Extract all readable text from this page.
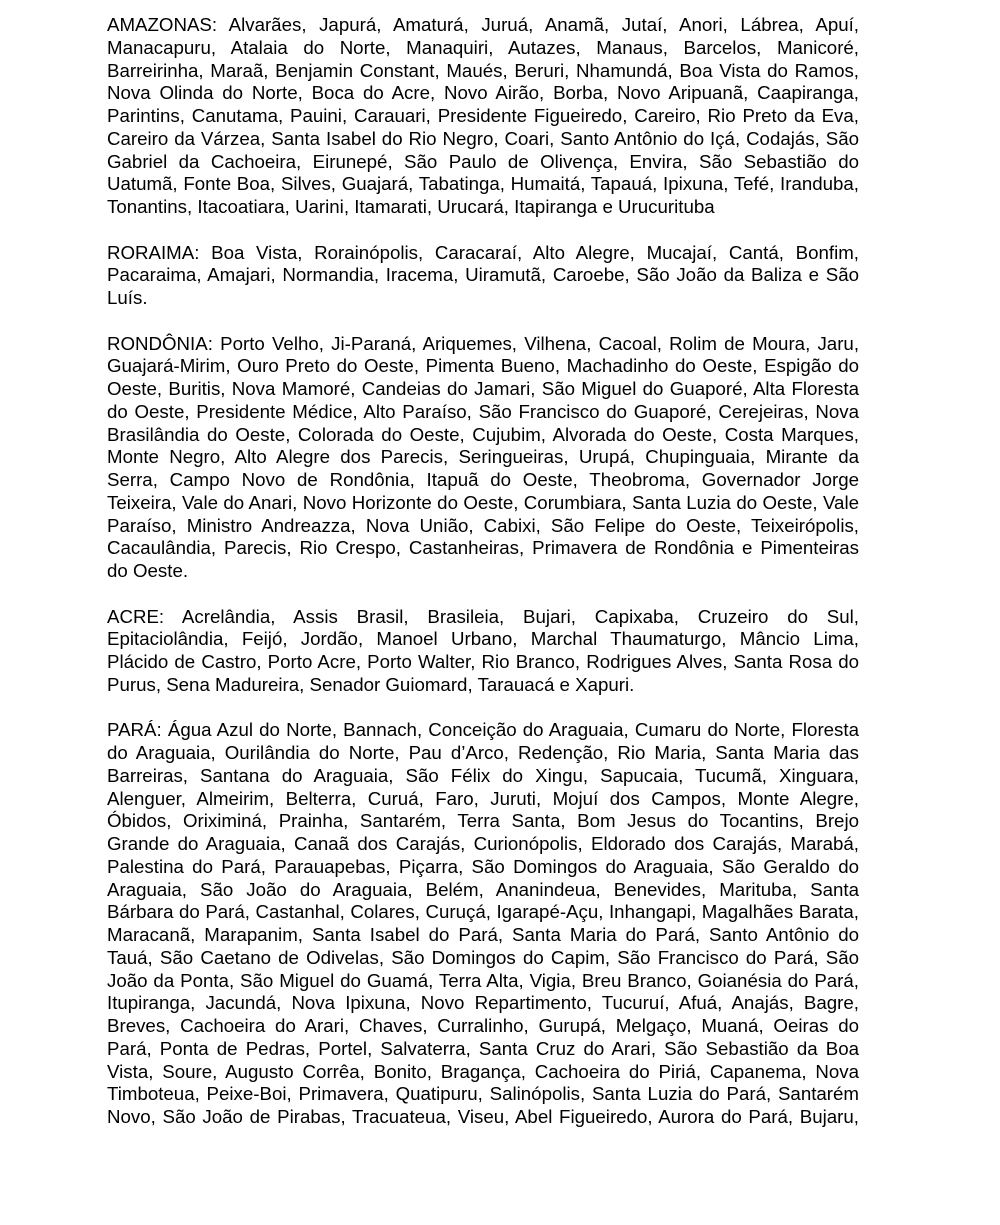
AMAZONAS: Alvarães, Japurá, Amaturá, Juruá, Anamã, Jutaí, Anori, Lábrea, Apuí, Manacapuru, Atalaia do Norte, Manaquiri, Autazes, Manaus, Barcelos, Manicoré, Barreirinha, Maraã, Benjamin Constant, Maués, Beruri, Nhamundá, Boa Vista do Ramos, Nova Olinda do Norte, Boca do Acre, Novo Airão, Borba, Novo Aripuanã, Caapiranga, Parintins, Canutama, Pauini, Carauari, Presidente Figueiredo, Careiro, Rio Preto da Eva, Careiro da Várzea, Santa Isabel do Rio Negro, Coari, Santo Antônio do Içá, Codajás, São Gabriel da Cachoeira, Eirunepé, São Paulo de Olivença, Envira, São Sebastião do Uatumã, Fonte Boa, Silves, Guajará, Tabatinga, Humaitá, Tapauá, Ipixuna, Tefé, Iranduba, Tonantins, Itacoatiara, Uarini, Itamarati, Urucará, Itapiranga e Urucurituba

RORAIMA: Boa Vista, Rorainópolis, Caracaraí, Alto Alegre, Mucajaí, Cantá, Bonfim, Pacaraima, Amajari, Normandia, Iracema, Uiramutã, Caroebe, São João da Baliza e São Luís.

RONDÔNIA: Porto Velho, Ji-Paraná, Ariquemes, Vilhena, Cacoal, Rolim de Moura, Jaru, Guajará-Mirim, Ouro Preto do Oeste, Pimenta Bueno, Machadinho do Oeste, Espigão do Oeste, Buritis, Nova Mamoré, Candeias do Jamari, São Miguel do Guaporé, Alta Floresta do Oeste, Presidente Médice, Alto Paraíso, São Francisco do Guaporé, Cerejeiras, Nova Brasilândia do Oeste, Colorada do Oeste, Cujubim, Alvorada do Oeste, Costa Marques, Monte Negro, Alto Alegre dos Parecis, Seringueiras, Urupá, Chupinguaia, Mirante da Serra, Campo Novo de Rondônia, Itapuã do Oeste, Theobroma, Governador Jorge Teixeira, Vale do Anari, Novo Horizonte do Oeste, Corumbiara, Santa Luzia do Oeste, Vale Paraíso, Ministro Andreazza, Nova União, Cabixi, São Felipe do Oeste, Teixeirópolis, Cacaulândia, Parecis, Rio Crespo, Castanheiras, Primavera de Rondônia e Pimenteiras do Oeste.

ACRE: Acrelândia, Assis Brasil, Brasileia, Bujari, Capixaba, Cruzeiro do Sul, Epitaciolândia, Feijó, Jordão, Manoel Urbano, Marchal Thaumaturgo, Mâncio Lima, Plácido de Castro, Porto Acre, Porto Walter, Rio Branco, Rodrigues Alves, Santa Rosa do Purus, Sena Madureira, Senador Guiomard, Tarauacá e Xapuri.

PARÁ: Água Azul do Norte, Bannach, Conceição do Araguaia, Cumaru do Norte, Floresta do Araguaia, Ourilândia do Norte, Pau d’Arco, Redenção, Rio Maria, Santa Maria das Barreiras, Santana do Araguaia, São Félix do Xingu, Sapucaia, Tucumã, Xinguara, Alenguer, Almeirim, Belterra, Curuá, Faro, Juruti, Mojuí dos Campos, Monte Alegre, Óbidos, Oriximiná, Prainha, Santarém, Terra Santa, Bom Jesus do Tocantins, Brejo Grande do Araguaia, Canaã dos Carajás, Curionópolis, Eldorado dos Carajás, Marabá, Palestina do Pará, Parauapebas, Piçarra, São Domingos do Araguaia, São Geraldo do Araguaia, São João do Araguaia, Belém, Ananindeua, Benevides, Marituba, Santa Bárbara do Pará, Castanhal, Colares, Curuçá, Igarapé-Açu, Inhangapi, Magalhães Barata, Maracanã, Marapanim, Santa Isabel do Pará, Santa Maria do Pará, Santo Antônio do Tauá, São Caetano de Odivelas, São Domingos do Capim, São Francisco do Pará, São João da Ponta, São Miguel do Guamá, Terra Alta, Vigia, Breu Branco, Goianésia do Pará, Itupiranga, Jacundá, Nova Ipixuna, Novo Repartimento, Tucuruí, Afuá, Anajás, Bagre, Breves, Cachoeira do Arari, Chaves, Curralinho, Gurupá, Melgaço, Muaná, Oeiras do Pará, Ponta de Pedras, Portel, Salvaterra, Santa Cruz do Arari, São Sebastião da Boa Vista, Soure, Augusto Corrêa, Bonito, Bragança, Cachoeira do Piriá, Capanema, Nova Timboteua, Peixe-Boi, Primavera, Quatipuru, Salinópolis, Santa Luzia do Pará, Santarém Novo, São João de Pirabas, Tracuateua, Viseu, Abel Figueiredo, Aurora do Pará, Bujaru,
